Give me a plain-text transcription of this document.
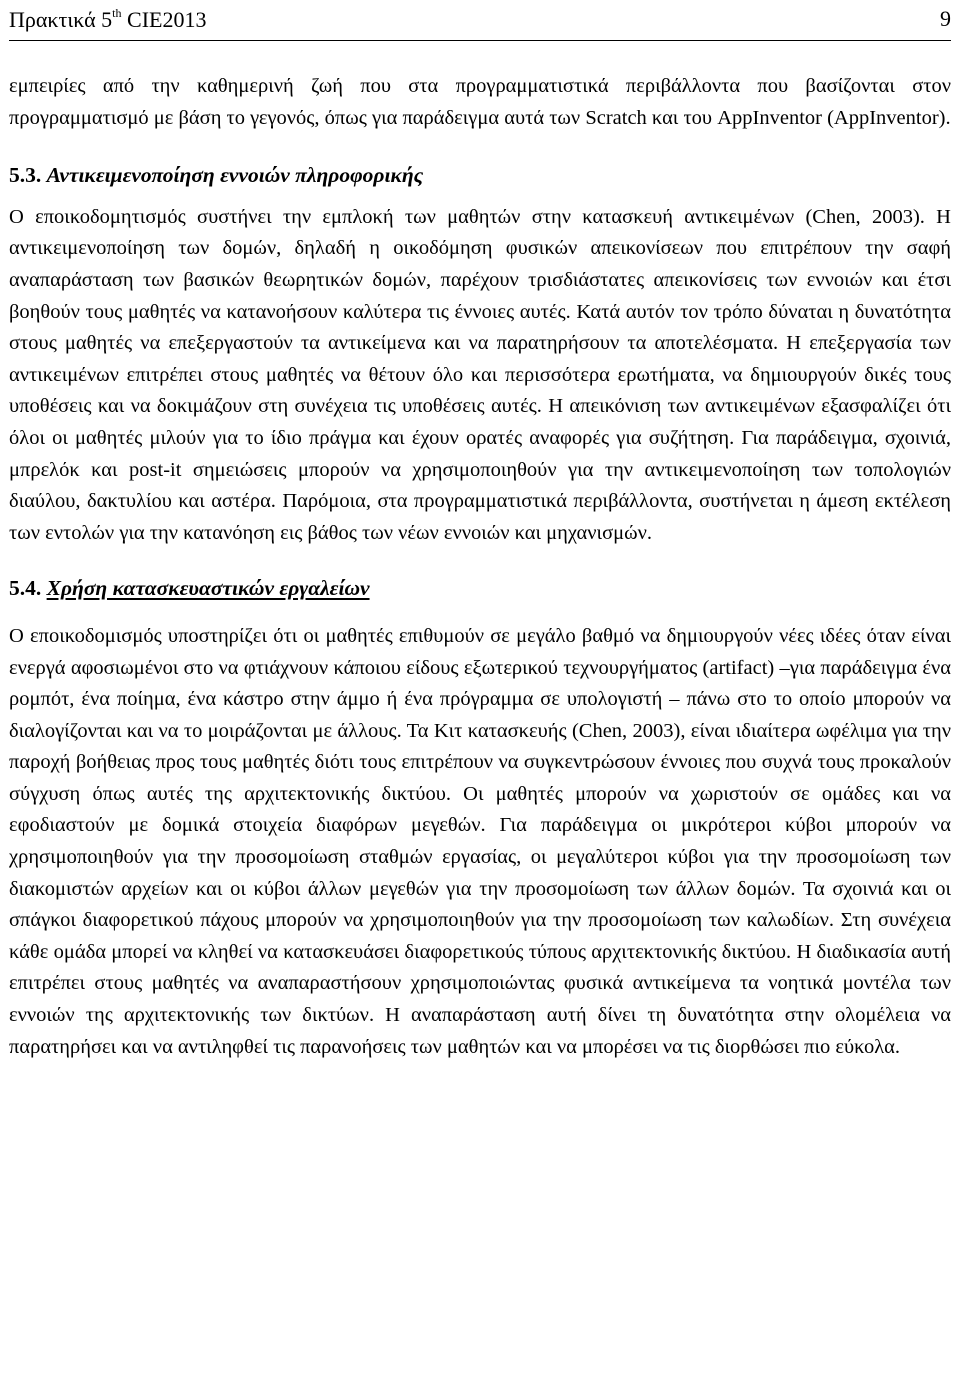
Πρακτικά 5th CIE2013	9

εμπειρίες από την καθημερινή ζωή που στα προγραμματιστικά περιβάλλοντα που βασίζονται στον προγραμματισμό με βάση το γεγονός, όπως για παράδειγμα αυτά των Scratch και του AppInventor (AppInventor).

5.3. Αντικειμενοποίηση εννοιών πληροφορικής

Ο εποικοδομητισμός συστήνει την εμπλοκή των μαθητών στην κατασκευή αντικειμένων (Chen, 2003). Η αντικειμενοποίηση των δομών, δηλαδή η οικοδόμηση φυσικών απεικονίσεων που επιτρέπουν την σαφή αναπαράσταση των βασικών θεωρητικών δομών, παρέχουν τρισδιάστατες απεικονίσεις των εννοιών και έτσι βοηθούν τους μαθητές να κατανοήσουν καλύτερα τις έννοιες αυτές. Κατά αυτόν τον τρόπο δύναται η δυνατότητα στους μαθητές να επεξεργαστούν τα αντικείμενα και να παρατηρήσουν τα αποτελέσματα. Η επεξεργασία των αντικειμένων επιτρέπει στους μαθητές να θέτουν όλο και περισσότερα ερωτήματα, να δημιουργούν δικές τους υποθέσεις και να δοκιμάζουν στη συνέχεια τις υποθέσεις αυτές. Η απεικόνιση των αντικειμένων εξασφαλίζει ότι όλοι οι μαθητές μιλούν για το ίδιο πράγμα και έχουν ορατές αναφορές για συζήτηση. Για παράδειγμα, σχοινιά, μπρελόκ και post-it σημειώσεις μπορούν να χρησιμοποιηθούν για την αντικειμενοποίηση των τοπολογιών διαύλου, δακτυλίου και αστέρα. Παρόμοια, στα προγραμματιστικά περιβάλλοντα, συστήνεται η άμεση εκτέλεση των εντολών για την κατανόηση εις βάθος των νέων εννοιών και μηχανισμών.

5.4. Χρήση κατασκευαστικών εργαλείων

Ο εποικοδομισμός υποστηρίζει ότι οι μαθητές επιθυμούν σε μεγάλο βαθμό να δημιουργούν νέες ιδέες όταν είναι ενεργά αφοσιωμένοι στο να φτιάχνουν κάποιου είδους εξωτερικού τεχνουργήματος (artifact) –για παράδειγμα ένα ρομπότ, ένα ποίημα, ένα κάστρο στην άμμο ή ένα πρόγραμμα σε υπολογιστή – πάνω στο το οποίο μπορούν να διαλογίζονται και να το μοιράζονται με άλλους. Τα Κιτ κατασκευής (Chen, 2003), είναι ιδιαίτερα ωφέλιμα για την παροχή βοήθειας προς τους μαθητές διότι τους επιτρέπουν να συγκεντρώσουν έννοιες που συχνά τους προκαλούν σύγχυση όπως αυτές της αρχιτεκτονικής δικτύου. Οι μαθητές μπορούν να χωριστούν σε ομάδες και να εφοδιαστούν με δομικά στοιχεία διαφόρων μεγεθών. Για παράδειγμα οι μικρότεροι κύβοι μπορούν να χρησιμοποιηθούν για την προσομοίωση σταθμών εργασίας, οι μεγαλύτεροι κύβοι για την προσομοίωση των διακομιστών αρχείων και οι κύβοι άλλων μεγεθών για την προσομοίωση των άλλων δομών. Τα σχοινιά και οι σπάγκοι διαφορετικού πάχους μπορούν να χρησιμοποιηθούν για την προσομοίωση των καλωδίων. Στη συνέχεια κάθε ομάδα μπορεί να κληθεί να κατασκευάσει διαφορετικούς τύπους αρχιτεκτονικής δικτύου. Η διαδικασία αυτή επιτρέπει στους μαθητές να αναπαραστήσουν χρησιμοποιώντας φυσικά αντικείμενα τα νοητικά μοντέλα των εννοιών της αρχιτεκτονικής των δικτύων. Η αναπαράσταση αυτή δίνει τη δυνατότητα στην ολομέλεια να παρατηρήσει και να αντιληφθεί τις παρανοήσεις των μαθητών και να μπορέσει να τις διορθώσει πιο εύκολα.
